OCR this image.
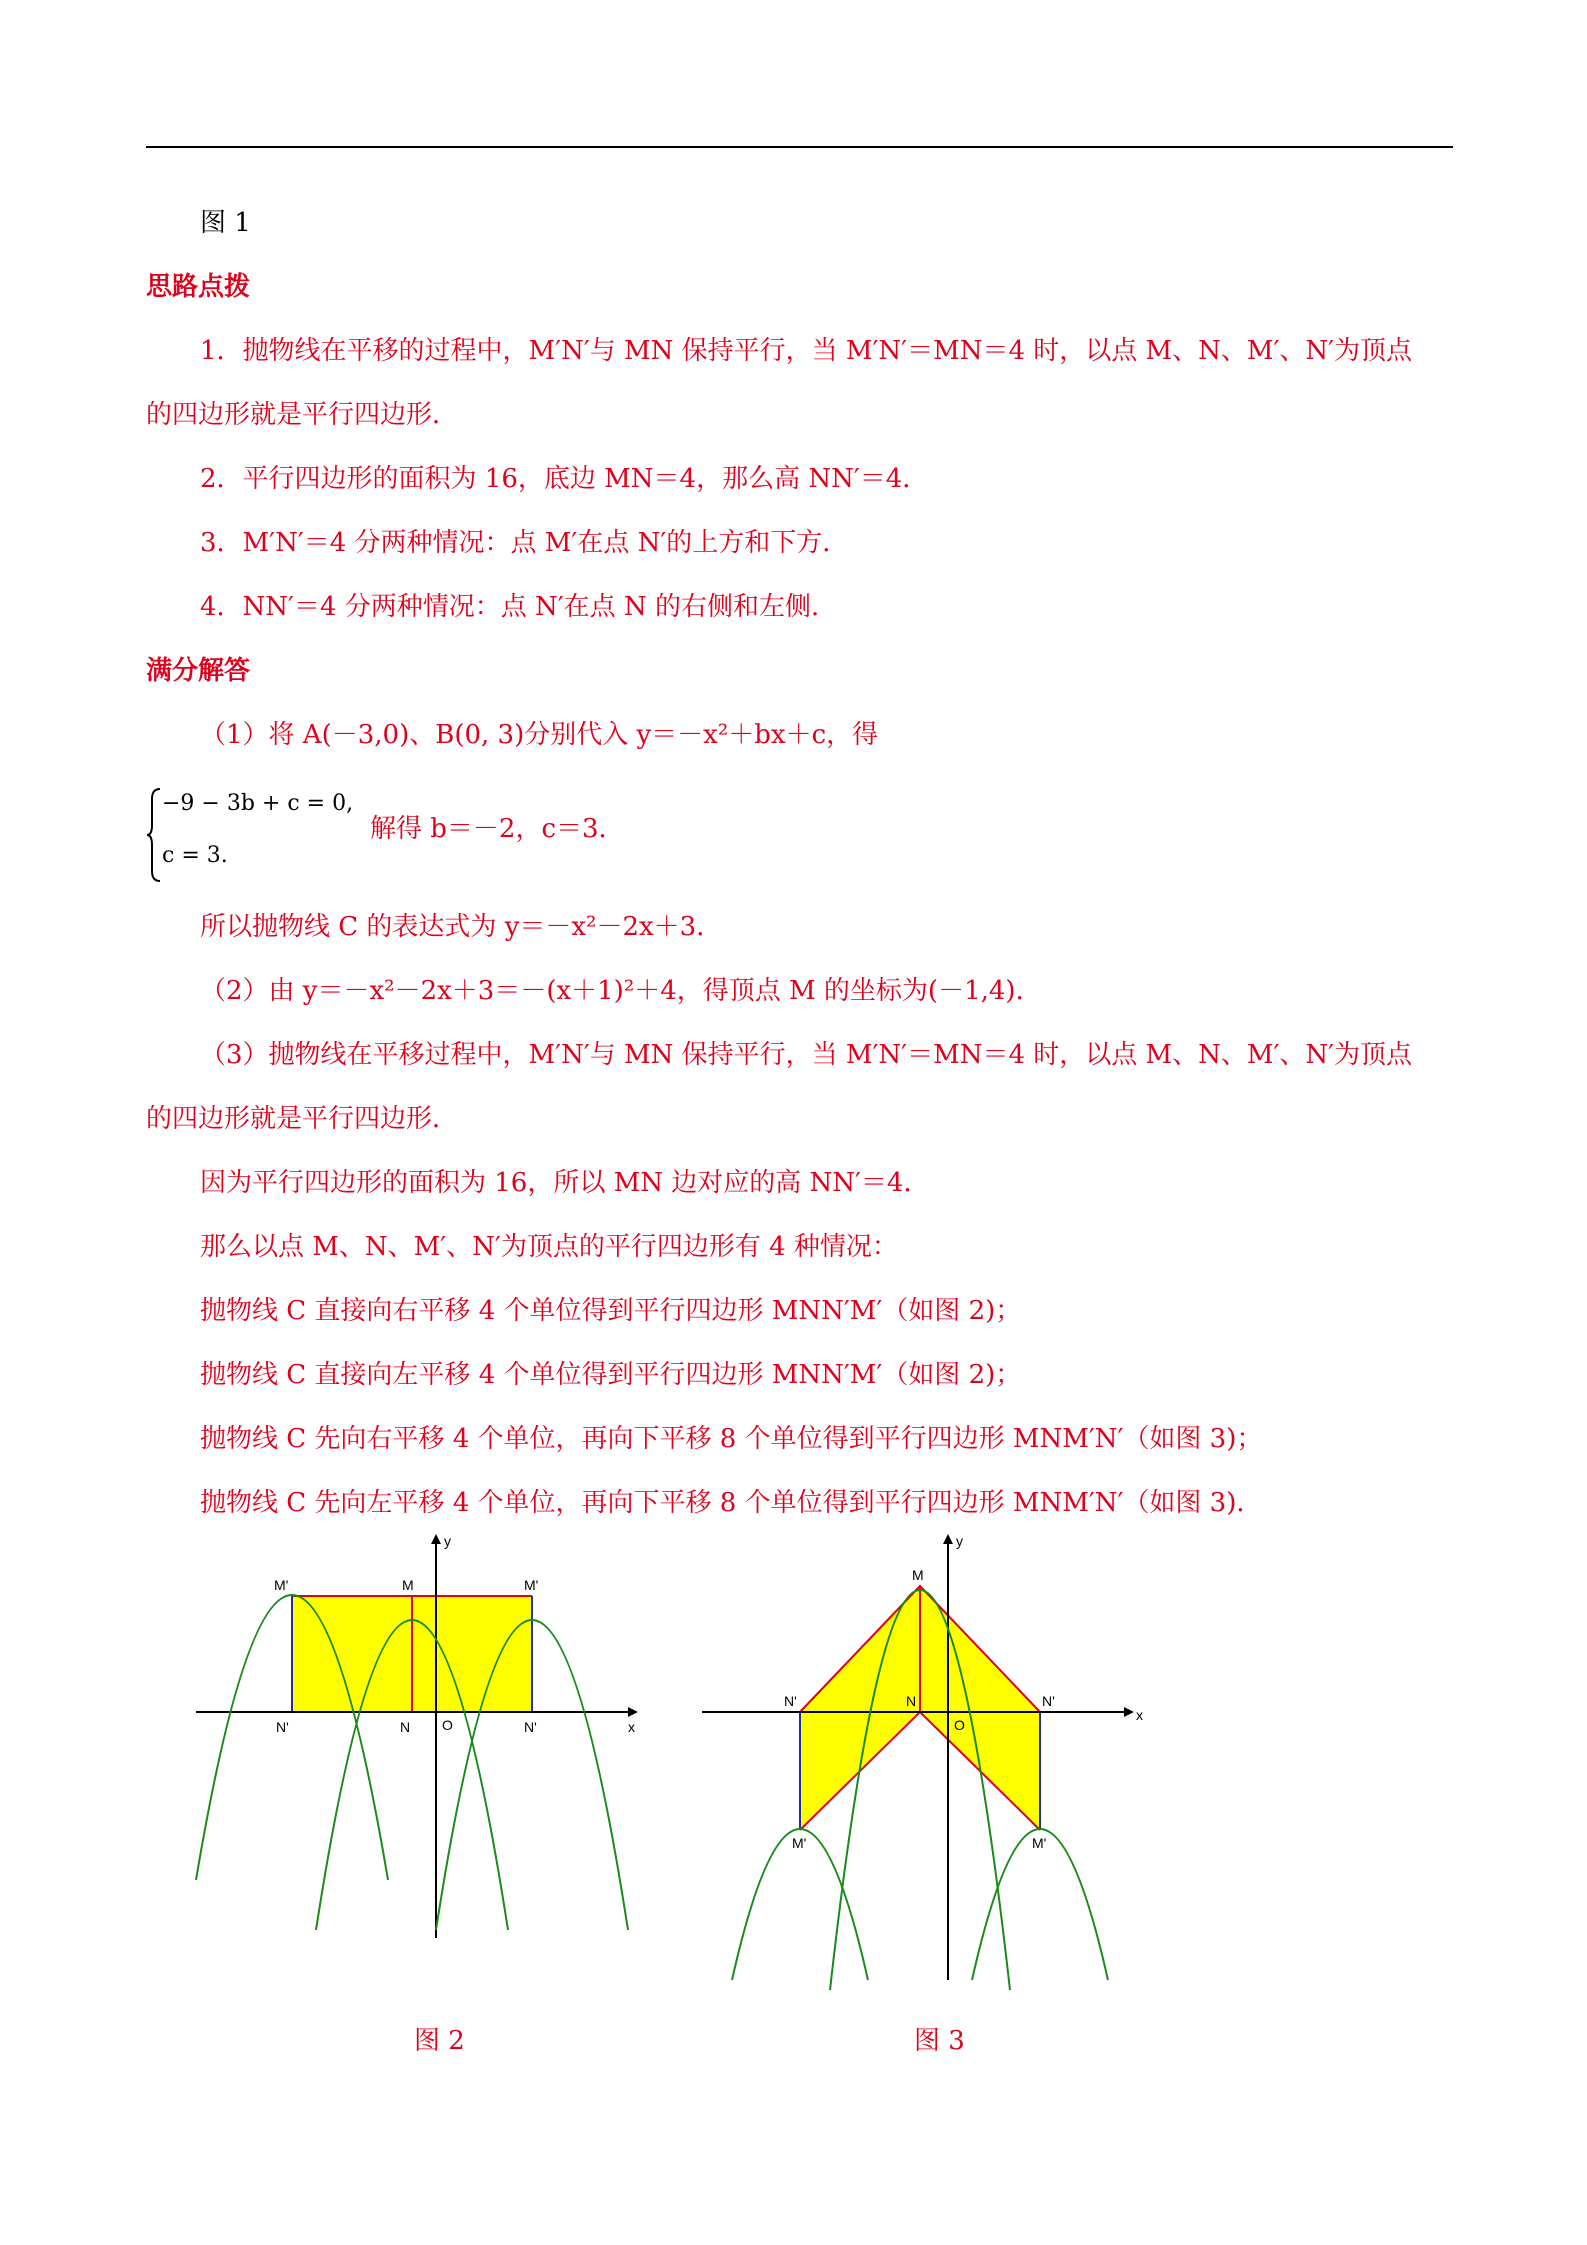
图 1
思路点拨
1．抛物线在平移的过程中，M′N′与 MN 保持平行，当 M′N′＝MN＝4 时，以点 M、N、M′、N′为顶点
的四边形就是平行四边形．
2．平行四边形的面积为 16，底边 MN＝4，那么高 NN′＝4．
3．M′N′＝4 分两种情况：点 M′在点 N′的上方和下方．
4．NN′＝4 分两种情况：点 N′在点 N 的右侧和左侧．
满分解答
（1）将 A(－3,0)、B(0, 3)分别代入 y＝－x²＋bx＋c，得
−9 − 3b + c = 0,
c = 3.
解得 b＝－2，c＝3．
所以抛物线 C 的表达式为 y＝－x²－2x＋3．
（2）由 y＝－x²－2x＋3＝－(x＋1)²＋4，得顶点 M 的坐标为(－1,4)．
（3）抛物线在平移过程中，M′N′与 MN 保持平行，当 M′N′＝MN＝4 时，以点 M、N、M′、N′为顶点
的四边形就是平行四边形．
因为平行四边形的面积为 16，所以 MN 边对应的高 NN′＝4．
那么以点 M、N、M′、N′为顶点的平行四边形有 4 种情况：
抛物线 C 直接向右平移 4 个单位得到平行四边形 MNN′M′（如图 2)；
抛物线 C 直接向左平移 4 个单位得到平行四边形 MNN′M′（如图 2)；
抛物线 C 先向右平移 4 个单位，再向下平移 8 个单位得到平行四边形 MNM′N′（如图 3)；
抛物线 C 先向左平移 4 个单位，再向下平移 8 个单位得到平行四边形 MNM′N′（如图 3)．
M'	M	M'
N'	N	N'
O	x
y
图 2
M
N'	N	N'
M'	M'
O
x
y
图 3
